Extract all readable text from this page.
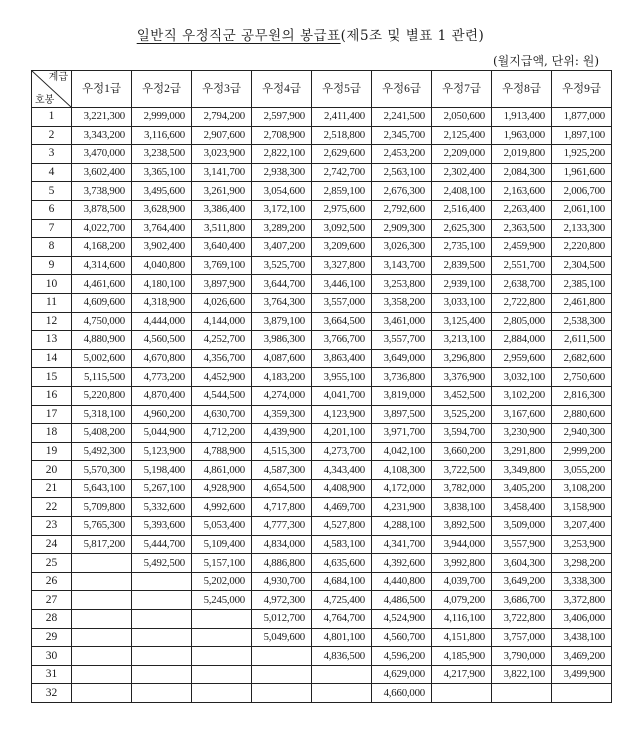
일반직 우정직군 공무원의 봉급표(제5조 및 별표 1 관련)
(월지급액, 단위: 원)
계급
호봉	우정1급	우정2급	우정3급	우정4급	우정5급	우정6급	우정7급	우정8급	우정9급
1	3,221,300	2,999,000	2,794,200	2,597,900	2,411,400	2,241,500	2,050,600	1,913,400	1,877,000
2	3,343,200	3,116,600	2,907,600	2,708,900	2,518,800	2,345,700	2,125,400	1,963,000	1,897,100
3	3,470,000	3,238,500	3,023,900	2,822,100	2,629,600	2,453,200	2,209,000	2,019,800	1,925,200
4	3,602,400	3,365,100	3,141,700	2,938,300	2,742,700	2,563,100	2,302,400	2,084,300	1,961,600
5	3,738,900	3,495,600	3,261,900	3,054,600	2,859,100	2,676,300	2,408,100	2,163,600	2,006,700
6	3,878,500	3,628,900	3,386,400	3,172,100	2,975,600	2,792,600	2,516,400	2,263,400	2,061,100
7	4,022,700	3,764,400	3,511,800	3,289,200	3,092,500	2,909,300	2,625,300	2,363,500	2,133,300
8	4,168,200	3,902,400	3,640,400	3,407,200	3,209,600	3,026,300	2,735,100	2,459,900	2,220,800
9	4,314,600	4,040,800	3,769,100	3,525,700	3,327,800	3,143,700	2,839,500	2,551,700	2,304,500
10	4,461,600	4,180,100	3,897,900	3,644,700	3,446,100	3,253,800	2,939,100	2,638,700	2,385,100
11	4,609,600	4,318,900	4,026,600	3,764,300	3,557,000	3,358,200	3,033,100	2,722,800	2,461,800
12	4,750,000	4,444,000	4,144,000	3,879,100	3,664,500	3,461,000	3,125,400	2,805,000	2,538,300
13	4,880,900	4,560,500	4,252,700	3,986,300	3,766,700	3,557,700	3,213,100	2,884,000	2,611,500
14	5,002,600	4,670,800	4,356,700	4,087,600	3,863,400	3,649,000	3,296,800	2,959,600	2,682,600
15	5,115,500	4,773,200	4,452,900	4,183,200	3,955,100	3,736,800	3,376,900	3,032,100	2,750,600
16	5,220,800	4,870,400	4,544,500	4,274,000	4,041,700	3,819,000	3,452,500	3,102,200	2,816,300
17	5,318,100	4,960,200	4,630,700	4,359,300	4,123,900	3,897,500	3,525,200	3,167,600	2,880,600
18	5,408,200	5,044,900	4,712,200	4,439,900	4,201,100	3,971,700	3,594,700	3,230,900	2,940,300
19	5,492,300	5,123,900	4,788,900	4,515,300	4,273,700	4,042,100	3,660,200	3,291,800	2,999,200
20	5,570,300	5,198,400	4,861,000	4,587,300	4,343,400	4,108,300	3,722,500	3,349,800	3,055,200
21	5,643,100	5,267,100	4,928,900	4,654,500	4,408,900	4,172,000	3,782,000	3,405,200	3,108,200
22	5,709,800	5,332,600	4,992,600	4,717,800	4,469,700	4,231,900	3,838,100	3,458,400	3,158,900
23	5,765,300	5,393,600	5,053,400	4,777,300	4,527,800	4,288,100	3,892,500	3,509,000	3,207,400
24	5,817,200	5,444,700	5,109,400	4,834,000	4,583,100	4,341,700	3,944,000	3,557,900	3,253,900
25		5,492,500	5,157,100	4,886,800	4,635,600	4,392,600	3,992,800	3,604,300	3,298,200
26			5,202,000	4,930,700	4,684,100	4,440,800	4,039,700	3,649,200	3,338,300
27			5,245,000	4,972,300	4,725,400	4,486,500	4,079,200	3,686,700	3,372,800
28				5,012,700	4,764,700	4,524,900	4,116,100	3,722,800	3,406,000
29				5,049,600	4,801,100	4,560,700	4,151,800	3,757,000	3,438,100
30					4,836,500	4,596,200	4,185,900	3,790,000	3,469,200
31						4,629,000	4,217,900	3,822,100	3,499,900
32						4,660,000			
